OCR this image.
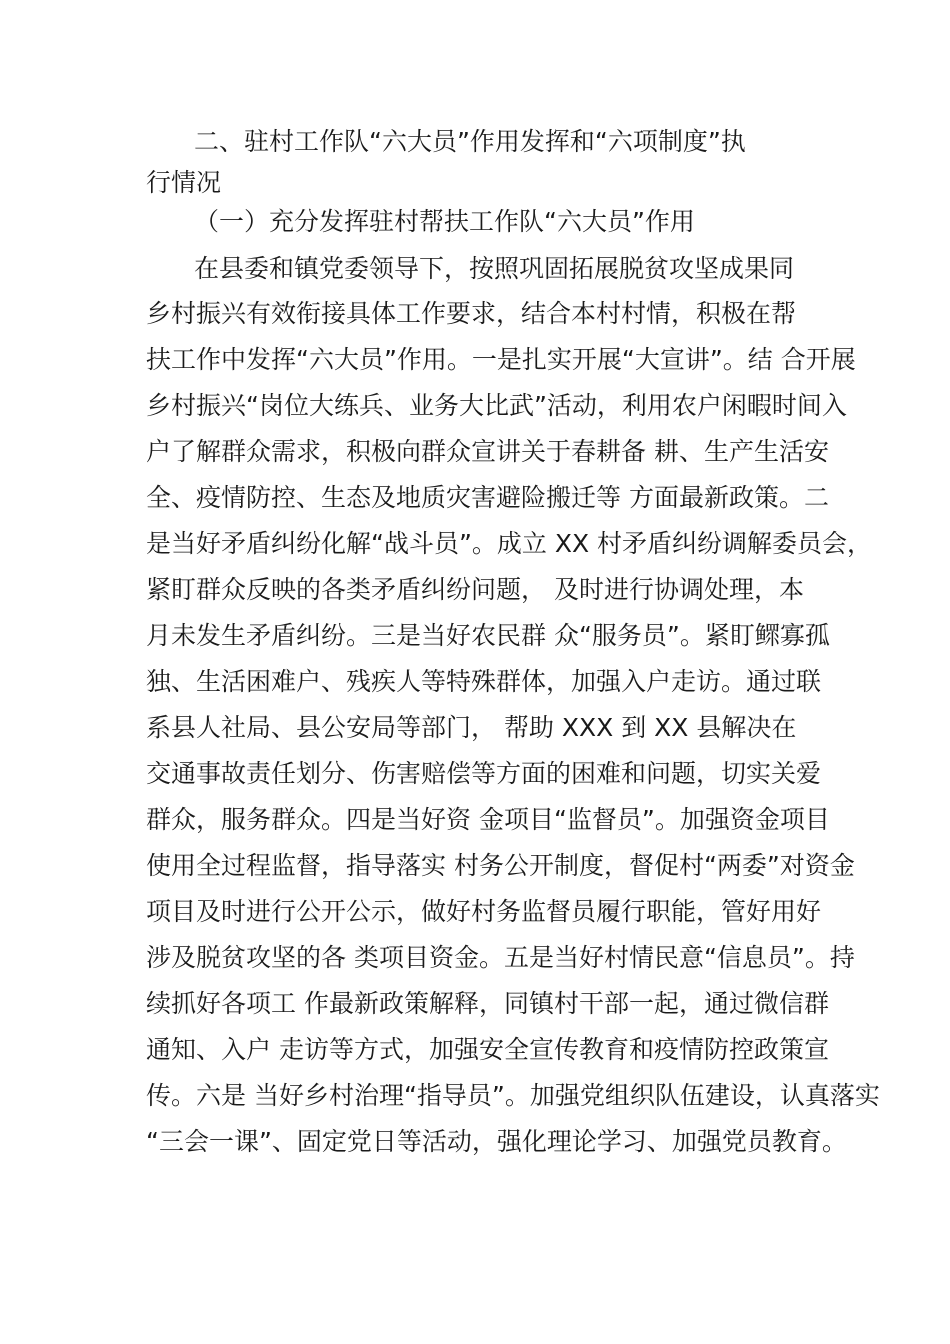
二、驻村工作队“六大员”作用发挥和“六项制度”执
行情况
（一）充分发挥驻村帮扶工作队“六大员”作用
在县委和镇党委领导下，按照巩固拓展脱贫攻坚成果同
乡村振兴有效衔接具体工作要求，结合本村村情，积极在帮
扶工作中发挥“六大员”作用。一是扎实开展“大宣讲”。结 合开展
乡村振兴“岗位大练兵、业务大比武”活动，利用农户闲暇时间入
户了解群众需求，积极向群众宣讲关于春耕备 耕、生产生活安
全、疫情防控、生态及地质灾害避险搬迁等 方面最新政策。二
是当好矛盾纠纷化解“战斗员”。成立 XX 村矛盾纠纷调解委员会，
紧盯群众反映的各类矛盾纠纷问题， 及时进行协调处理，本
月未发生矛盾纠纷。三是当好农民群 众“服务员”。紧盯鳏寡孤
独、生活困难户、残疾人等特殊群体，加强入户走访。通过联
系县人社局、县公安局等部门， 帮助 XXX 到 XX 县解决在
交通事故责任划分、伤害赔偿等方面的困难和问题，切实关爱
群众，服务群众。四是当好资 金项目“监督员”。加强资金项目
使用全过程监督，指导落实 村务公开制度，督促村“两委”对资金
项目及时进行公开公示，做好村务监督员履行职能，管好用好
涉及脱贫攻坚的各 类项目资金。五是当好村情民意“信息员”。持
续抓好各项工 作最新政策解释，同镇村干部一起，通过微信群
通知、入户 走访等方式，加强安全宣传教育和疫情防控政策宣
传。六是 当好乡村治理“指导员”。加强党组织队伍建设，认真落实
“三会一课”、固定党日等活动，强化理论学习、加强党员教育。
